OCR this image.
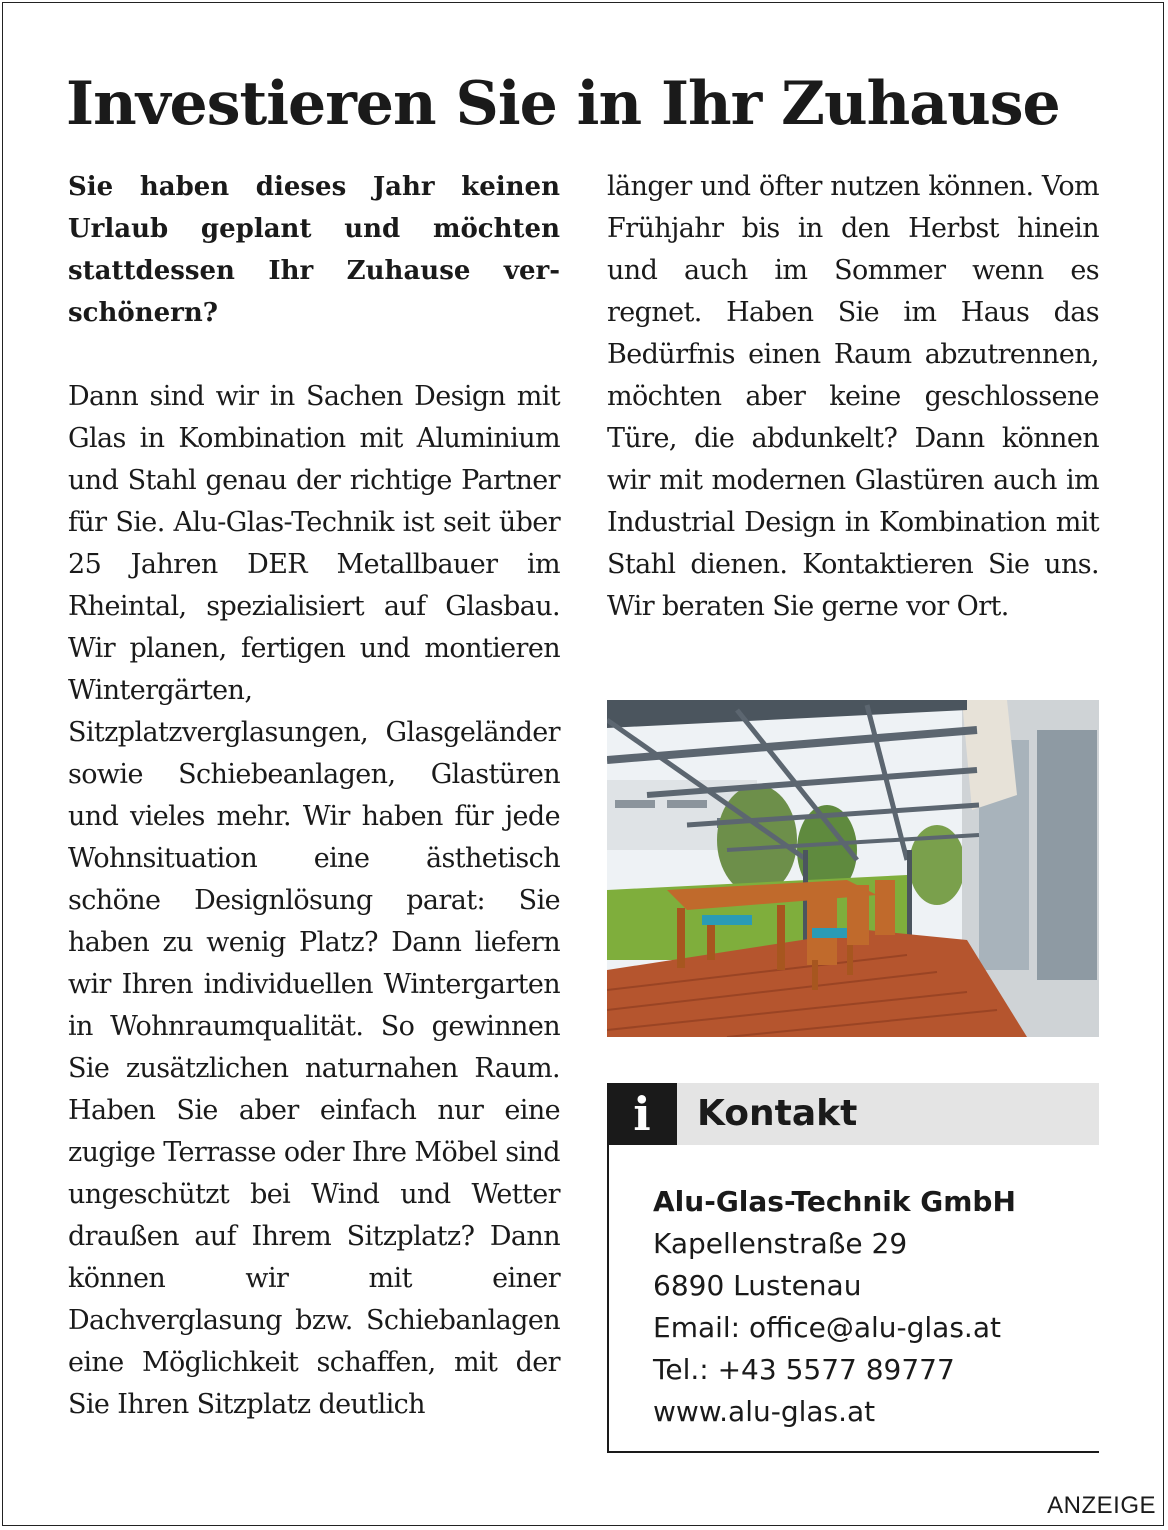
Investieren Sie in Ihr Zuhause

Sie haben dieses Jahr keinen Urlaub geplant und möchten stattdessen Ihr Zuhause verschönern?

Dann sind wir in Sachen Design mit Glas in Kombination mit Aluminium und Stahl genau der richtige Partner für Sie. Alu-Glas-Technik ist seit über 25 Jahren DER Metallbauer im Rheintal, spezialisiert auf Glasbau. Wir planen, fertigen und montieren Wintergärten, Sitzplatzverglasungen, Glasgeländer sowie Schiebeanlagen, Glastüren und vieles mehr. Wir haben für jede Wohnsituation eine ästhetisch schöne Designlösung parat: Sie haben zu wenig Platz? Dann liefern wir Ihren individuellen Wintergarten in Wohnraumqualität. So gewinnen Sie zusätzlichen naturnahen Raum. Haben Sie aber einfach nur eine zugige Terrasse oder Ihre Möbel sind ungeschützt bei Wind und Wetter draußen auf Ihrem Sitzplatz? Dann können wir mit einer Dachverglasung bzw. Schiebanlagen eine Möglichkeit schaffen, mit der Sie Ihren Sitzplatz deutlich

länger und öfter nutzen können. Vom Frühjahr bis in den Herbst hinein und auch im Sommer wenn es regnet. Haben Sie im Haus das Bedürfnis einen Raum abzutrennen, möchten aber keine geschlossene Türe, die abdunkelt? Dann können wir mit modernen Glastüren auch im Industrial Design in Kombination mit Stahl dienen. Kontaktieren Sie uns. Wir beraten Sie gerne vor Ort.

i	Kontakt
Alu-Glas-Technik GmbH
Kapellenstraße 29
6890 Lustenau
Email: office@alu-glas.at
Tel.: +43 5577 89777
www.alu-glas.at
ANZEIGE
